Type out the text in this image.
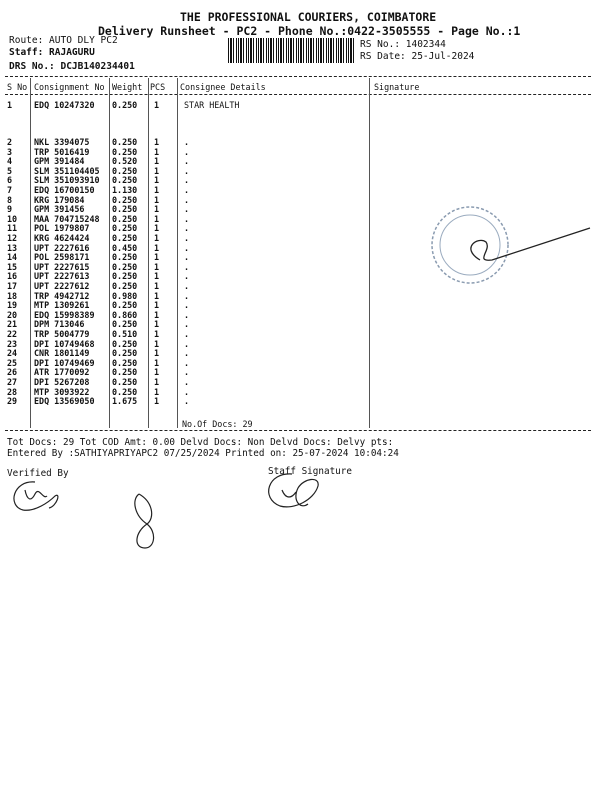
THE PROFESSIONAL COURIERS, COIMBATORE
Delivery Runsheet - PC2 - Phone No.:0422-3505555 - Page No.:1
Route: AUTO DLY PC2
Staff: RAJAGURU
DRS No.: DCJB140234401
RS No.: 1402344
RS Date: 25-Jul-2024
S No Consignment No Weight PCS Consignee Details	Signature
1	EDQ 10247320 0.250 1	STAR HEALTH
2	NKL 3394075	0.250 1	.
3	TRP 5016419	0.250 1	.
4	GPM 391484	0.520 1	.
5	SLM 351104405 0.250 1	.
6	SLM 351093910 0.250 1	.
7	EDQ 16700150 1.130 1	.
8	KRG 179084	0.250 1	.
9	GPM 391456	0.250 1	.
10 MAA 704715248 0.250 1	.
11 POL 1979807	0.250 1	.
12 KRG 4624424	0.250 1	.
13 UPT 2227616	0.450 1	.
14 POL 2598171	0.250 1	.
15 UPT 2227615	0.250 1	.
16 UPT 2227613	0.250 1	.
17 UPT 2227612	0.250 1	.
18 TRP 4942712	0.980 1	.
19 MTP 1309261	0.250 1	.
20 EDQ 15998389 0.860 1	.
21 DPM 713046	0.250 1	.
22 TRP 5004779	0.510 1	.
23 DPI 10749468 0.250 1	.
24 CNR 1801149	0.250 1	.
25 DPI 10749469 0.250 1	.
26 ATR 1770092	0.250 1	.
27 DPI 5267208	0.250 1	.
28 MTP 3093922	0.250 1	.
29 EDQ 13569050 1.675 1	.
No.Of Docs: 29
Tot Docs: 29 Tot COD Amt: 0.00 Delvd Docs: Non Delvd Docs: Delvy pts:
Entered By :SATHIYAPRIYAPC2 07/25/2024 Printed on: 25-07-2024 10:04:24
Verified By	Staff Signature
